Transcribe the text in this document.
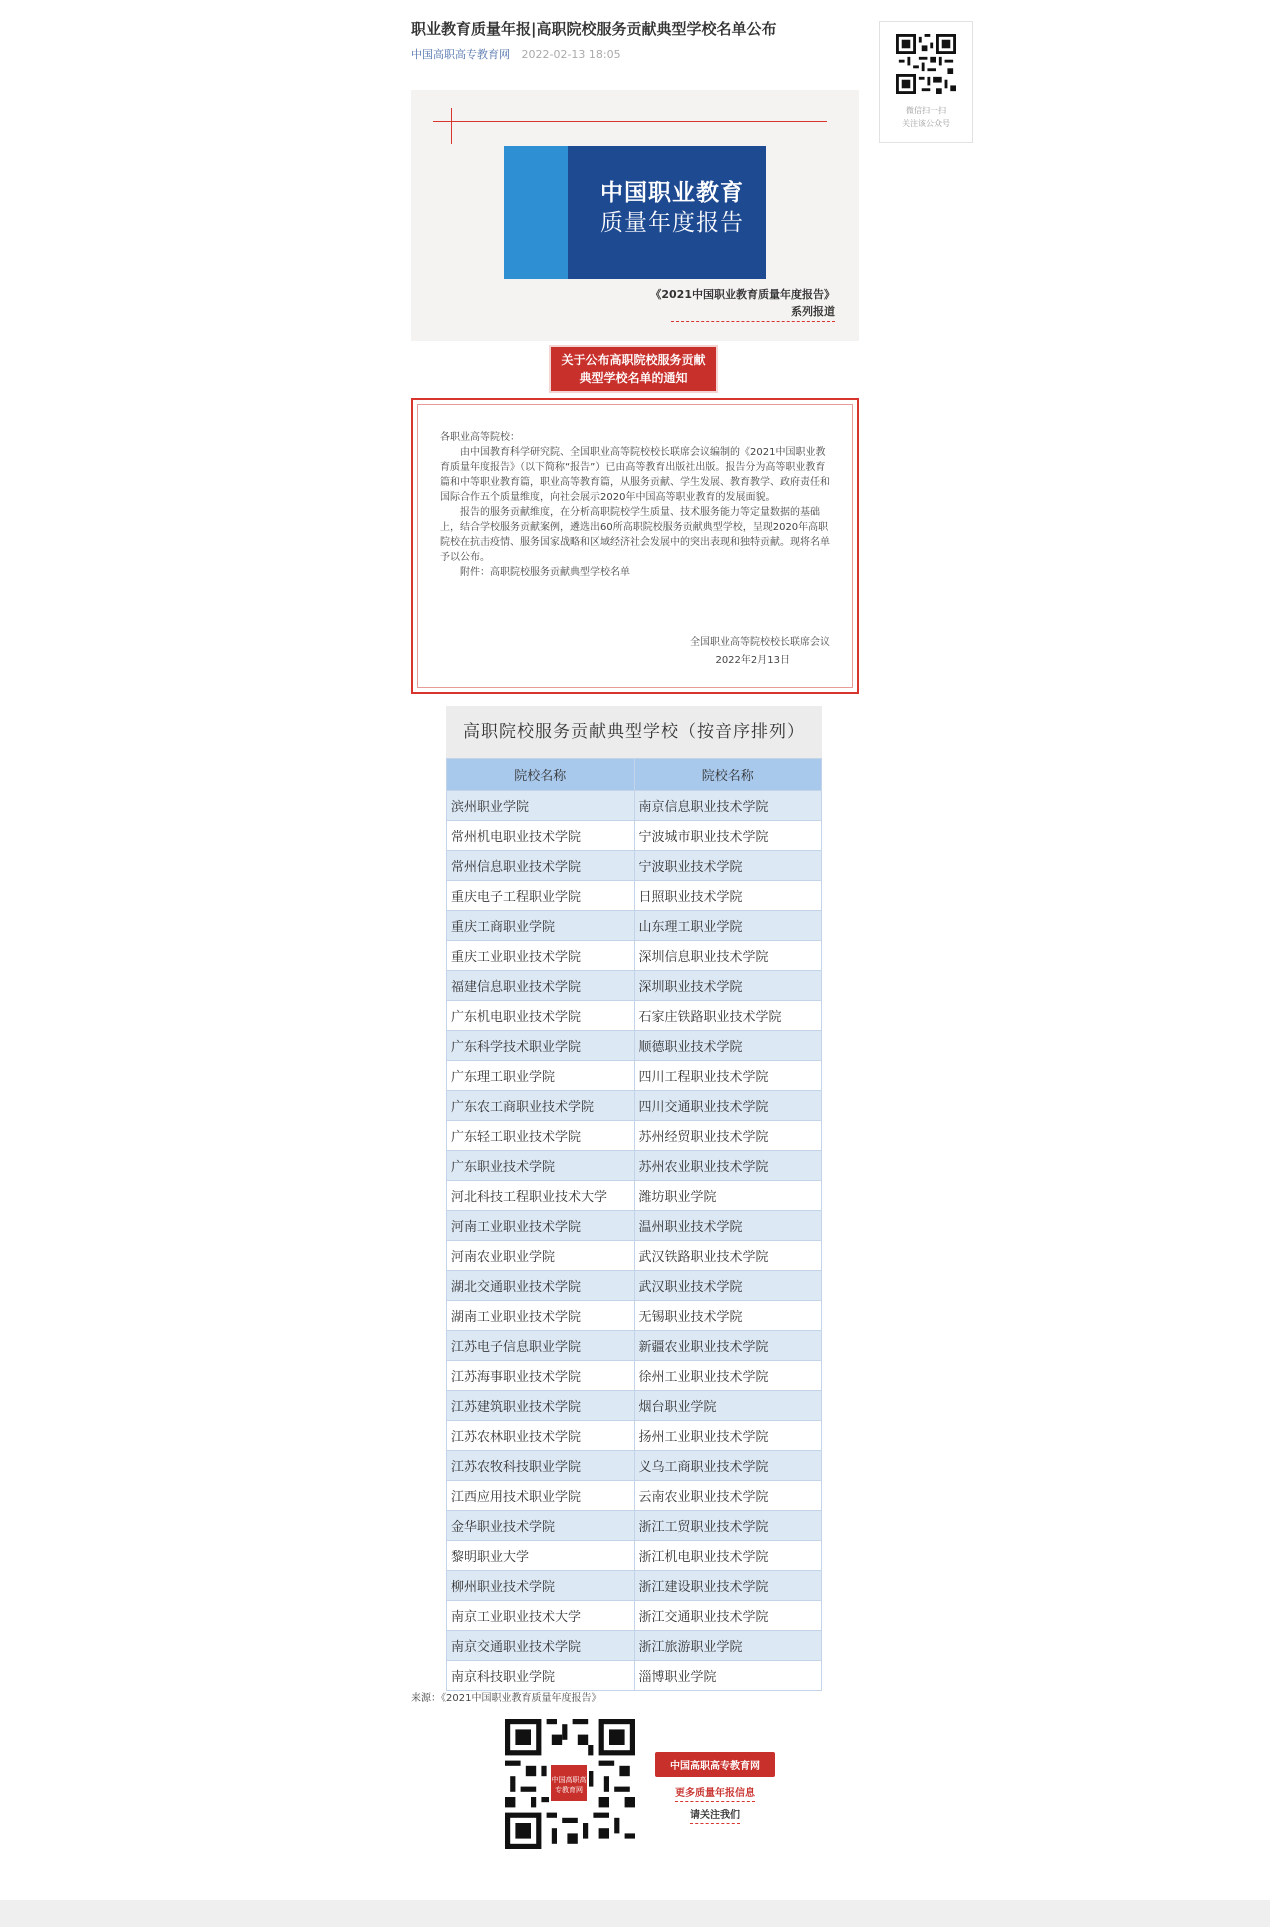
职业教育质量年报|高职院校服务贡献典型学校名单公布
中国高职高专教育网 2022-02-13 18:05
微信扫一扫
关注该公众号
中国职业教育
质量年度报告
《2021中国职业教育质量年度报告》
系列报道
关于公布高职院校服务贡献
典型学校名单的通知

各职业高等院校：

由中国教育科学研究院、全国职业高等院校校长联席会议编制的《2021中国职业教育质量年度报告》（以下简称“报告”）已由高等教育出版社出版。报告分为高等职业教育篇和中等职业教育篇，职业高等教育篇，从服务贡献、学生发展、教育教学、政府责任和国际合作五个质量维度，向社会展示2020年中国高等职业教育的发展面貌。

报告的服务贡献维度，在分析高职院校学生质量、技术服务能力等定量数据的基础上，结合学校服务贡献案例，遴选出60所高职院校服务贡献典型学校，呈现2020年高职院校在抗击疫情、服务国家战略和区域经济社会发展中的突出表现和独特贡献。现将名单予以公布。

附件：高职院校服务贡献典型学校名单

全国职业高等院校校长联席会议
2022年2月13日
高职院校服务贡献典型学校（按音序排列）
院校名称	院校名称
滨州职业学院	南京信息职业技术学院
常州机电职业技术学院	宁波城市职业技术学院
常州信息职业技术学院	宁波职业技术学院
重庆电子工程职业学院	日照职业技术学院
重庆工商职业学院	山东理工职业学院
重庆工业职业技术学院	深圳信息职业技术学院
福建信息职业技术学院	深圳职业技术学院
广东机电职业技术学院	石家庄铁路职业技术学院
广东科学技术职业学院	顺德职业技术学院
广东理工职业学院	四川工程职业技术学院
广东农工商职业技术学院	四川交通职业技术学院
广东轻工职业技术学院	苏州经贸职业技术学院
广东职业技术学院	苏州农业职业技术学院
河北科技工程职业技术大学	潍坊职业学院
河南工业职业技术学院	温州职业技术学院
河南农业职业学院	武汉铁路职业技术学院
湖北交通职业技术学院	武汉职业技术学院
湖南工业职业技术学院	无锡职业技术学院
江苏电子信息职业学院	新疆农业职业技术学院
江苏海事职业技术学院	徐州工业职业技术学院
江苏建筑职业技术学院	烟台职业学院
江苏农林职业技术学院	扬州工业职业技术学院
江苏农牧科技职业学院	义乌工商职业技术学院
江西应用技术职业学院	云南农业职业技术学院
金华职业技术学院	浙江工贸职业技术学院
黎明职业大学	浙江机电职业技术学院
柳州职业技术学院	浙江建设职业技术学院
南京工业职业技术大学	浙江交通职业技术学院
南京交通职业技术学院	浙江旅游职业学院
南京科技职业学院	淄博职业学院
来源：《2021中国职业教育质量年度报告》
中国高职高专教育网
中国高职高专教育网
更多质量年报信息
请关注我们
